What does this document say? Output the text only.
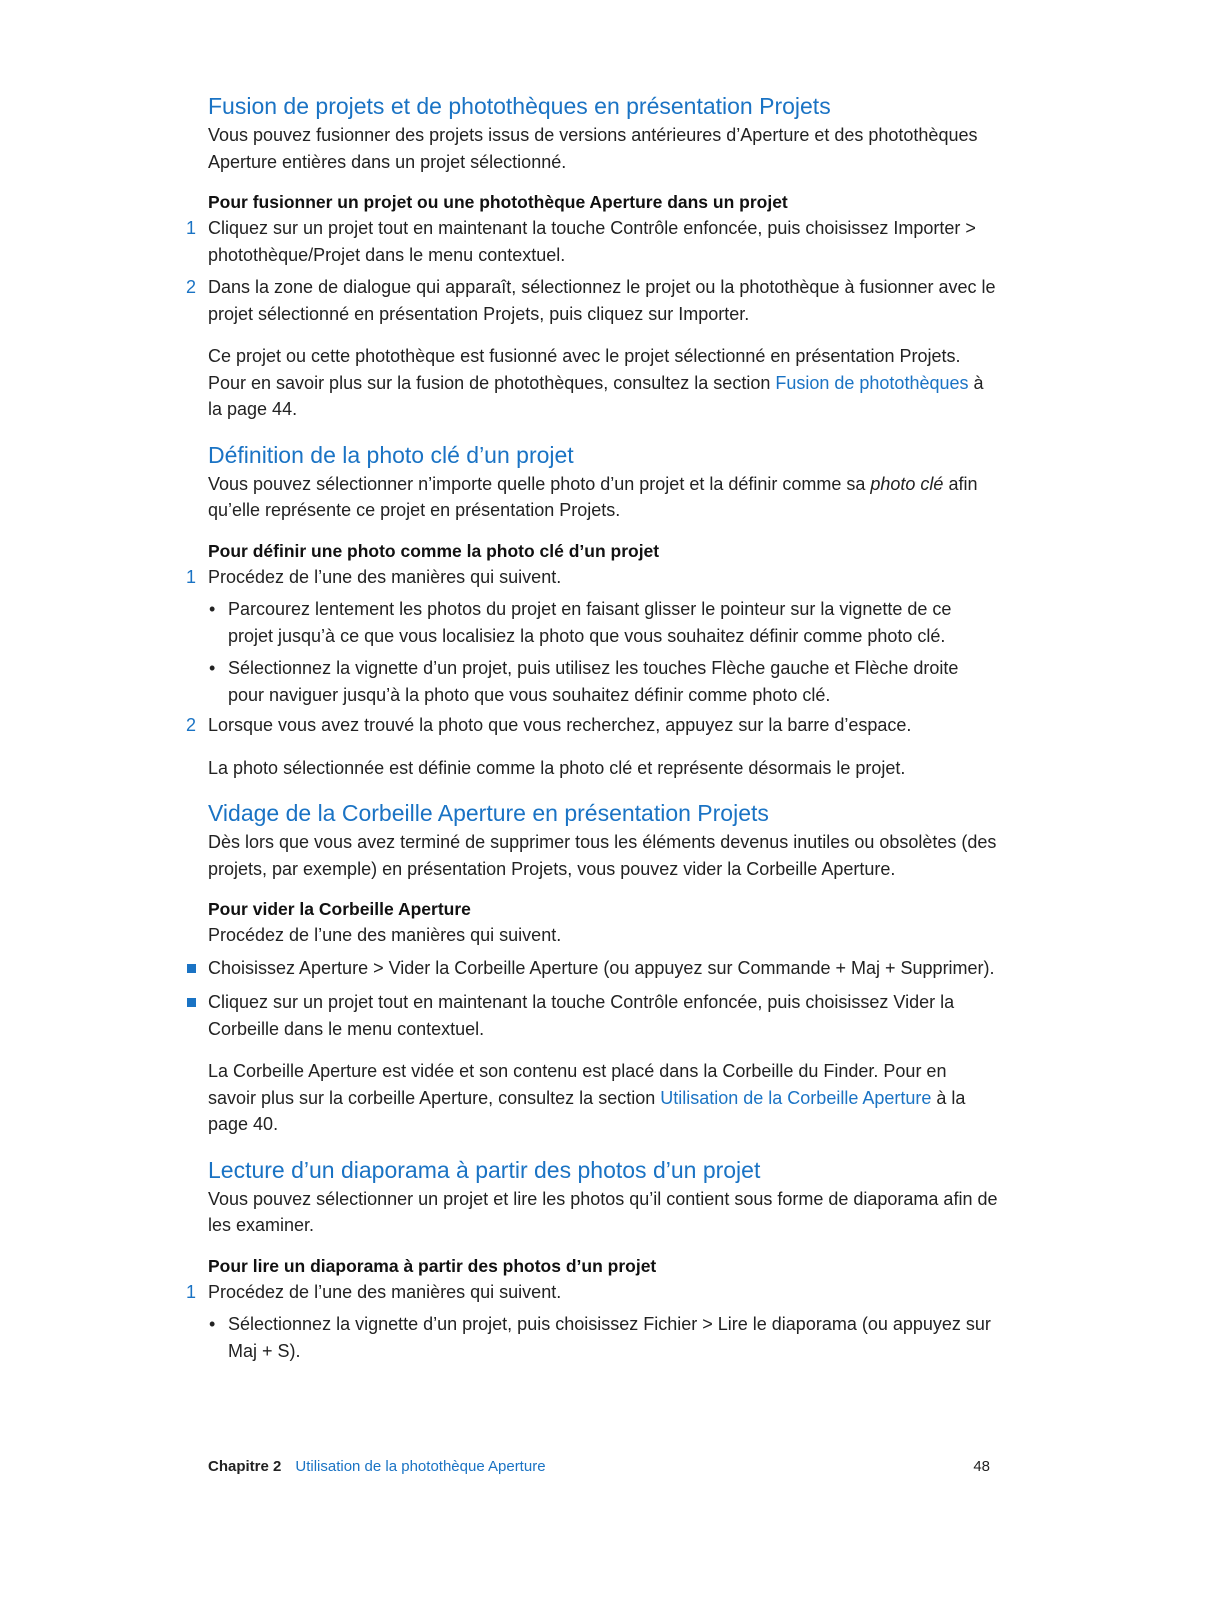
Fusion de projets et de photothèques en présentation Projets

Vous pouvez fusionner des projets issus de versions antérieures d’Aperture et des photothèques Aperture entières dans un projet sélectionné.

Pour fusionner un projet ou une photothèque Aperture dans un projet
1 Cliquez sur un projet tout en maintenant la touche Contrôle enfoncée, puis choisissez Importer > photothèque/Projet dans le menu contextuel.
2 Dans la zone de dialogue qui apparaît, sélectionnez le projet ou la photothèque à fusionner avec le projet sélectionné en présentation Projets, puis cliquez sur Importer.

Ce projet ou cette photothèque est fusionné avec le projet sélectionné en présentation Projets. Pour en savoir plus sur la fusion de photothèques, consultez la section Fusion de photothèques à la page 44.

Définition de la photo clé d’un projet

Vous pouvez sélectionner n’importe quelle photo d’un projet et la définir comme sa photo clé afin qu’elle représente ce projet en présentation Projets.

Pour définir une photo comme la photo clé d’un projet
1 Procédez de l’une des manières qui suivent.
• Parcourez lentement les photos du projet en faisant glisser le pointeur sur la vignette de ce projet jusqu’à ce que vous localisiez la photo que vous souhaitez définir comme photo clé.
• Sélectionnez la vignette d’un projet, puis utilisez les touches Flèche gauche et Flèche droite pour naviguer jusqu’à la photo que vous souhaitez définir comme photo clé.
2 Lorsque vous avez trouvé la photo que vous recherchez, appuyez sur la barre d’espace.

La photo sélectionnée est définie comme la photo clé et représente désormais le projet.

Vidage de la Corbeille Aperture en présentation Projets

Dès lors que vous avez terminé de supprimer tous les éléments devenus inutiles ou obsolètes (des projets, par exemple) en présentation Projets, vous pouvez vider la Corbeille Aperture.

Pour vider la Corbeille Aperture

Procédez de l’une des manières qui suivent.

Choisissez Aperture > Vider la Corbeille Aperture (ou appuyez sur Commande + Maj + Supprimer).
Cliquez sur un projet tout en maintenant la touche Contrôle enfoncée, puis choisissez Vider la Corbeille dans le menu contextuel.

La Corbeille Aperture est vidée et son contenu est placé dans la Corbeille du Finder. Pour en savoir plus sur la corbeille Aperture, consultez la section Utilisation de la Corbeille Aperture à la page 40.

Lecture d’un diaporama à partir des photos d’un projet

Vous pouvez sélectionner un projet et lire les photos qu’il contient sous forme de diaporama afin de les examiner.

Pour lire un diaporama à partir des photos d’un projet
1 Procédez de l’une des manières qui suivent.
• Sélectionnez la vignette d’un projet, puis choisissez Fichier > Lire le diaporama (ou appuyez sur Maj + S).
Chapitre 2 Utilisation de la photothèque Aperture	48
